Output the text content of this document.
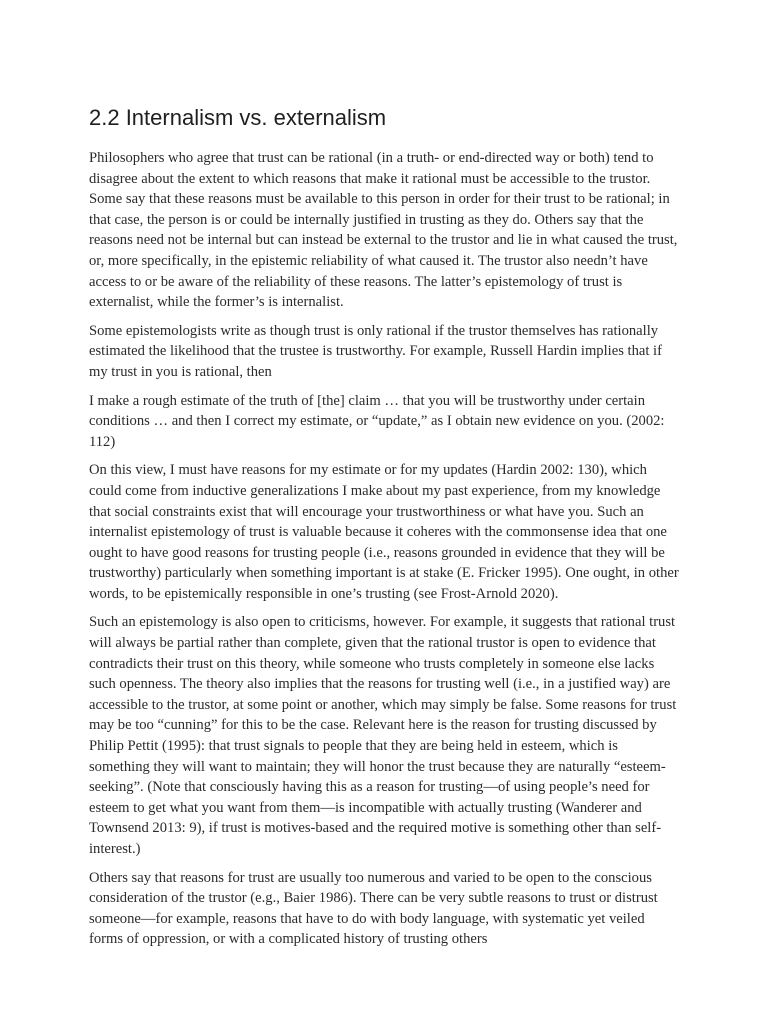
2.2 Internalism vs. externalism

Philosophers who agree that trust can be rational (in a truth- or end-directed way or both) tend to disagree about the extent to which reasons that make it rational must be accessible to the trustor. Some say that these reasons must be available to this person in order for their trust to be rational; in that case, the person is or could be internally justified in trusting as they do. Others say that the reasons need not be internal but can instead be external to the trustor and lie in what caused the trust, or, more specifically, in the epistemic reliability of what caused it. The trustor also needn’t have access to or be aware of the reliability of these reasons. The latter’s epistemology of trust is externalist, while the former’s is internalist.

Some epistemologists write as though trust is only rational if the trustor themselves has rationally estimated the likelihood that the trustee is trustworthy. For example, Russell Hardin implies that if my trust in you is rational, then

I make a rough estimate of the truth of [the] claim … that you will be trustworthy under certain conditions … and then I correct my estimate, or “update,” as I obtain new evidence on you. (2002: 112)

On this view, I must have reasons for my estimate or for my updates (Hardin 2002: 130), which could come from inductive generalizations I make about my past experience, from my knowledge that social constraints exist that will encourage your trustworthiness or what have you. Such an internalist epistemology of trust is valuable because it coheres with the commonsense idea that one ought to have good reasons for trusting people (i.e., reasons grounded in evidence that they will be trustworthy) particularly when something important is at stake (E. Fricker 1995). One ought, in other words, to be epistemically responsible in one’s trusting (see Frost-Arnold 2020).

Such an epistemology is also open to criticisms, however. For example, it suggests that rational trust will always be partial rather than complete, given that the rational trustor is open to evidence that contradicts their trust on this theory, while someone who trusts completely in someone else lacks such openness. The theory also implies that the reasons for trusting well (i.e., in a justified way) are accessible to the trustor, at some point or another, which may simply be false. Some reasons for trust may be too “cunning” for this to be the case. Relevant here is the reason for trusting discussed by Philip Pettit (1995): that trust signals to people that they are being held in esteem, which is something they will want to maintain; they will honor the trust because they are naturally “esteem-seeking”. (Note that consciously having this as a reason for trusting—of using people’s need for esteem to get what you want from them—is incompatible with actually trusting (Wanderer and Townsend 2013: 9), if trust is motives-based and the required motive is something other than self-interest.)

Others say that reasons for trust are usually too numerous and varied to be open to the conscious consideration of the trustor (e.g., Baier 1986). There can be very subtle reasons to trust or distrust someone—for example, reasons that have to do with body language, with systematic yet veiled forms of oppression, or with a complicated history of trusting others
